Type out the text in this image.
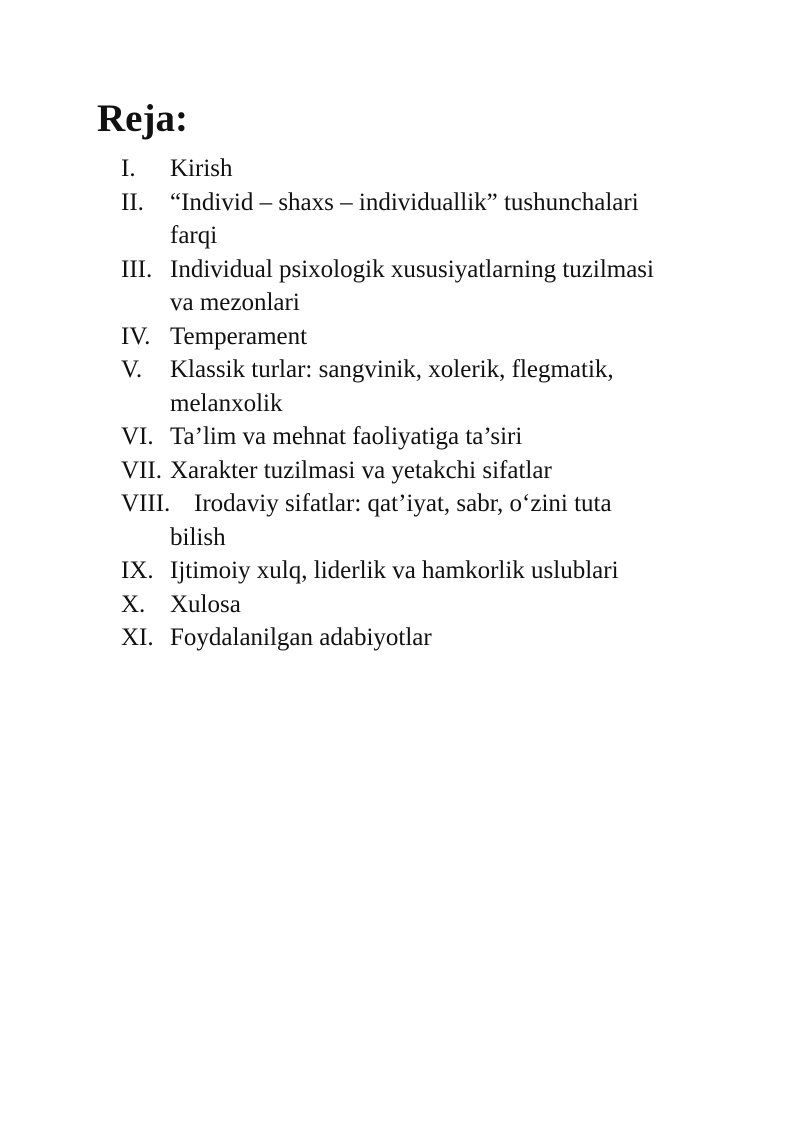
Reja:
I. Kirish
II. “Individ – shaxs – individuallik” tushunchalari
farqi
III. Individual psixologik xususiyatlarning tuzilmasi
va mezonlari
IV. Temperament
V. Klassik turlar: sangvinik, xolerik, flegmatik,
melanxolik
VI. Ta’lim va mehnat faoliyatiga ta’siri
VII. Xarakter tuzilmasi va yetakchi sifatlar
VIII. Irodaviy sifatlar: qat’iyat, sabr, o‘zini tuta
bilish
IX. Ijtimoiy xulq, liderlik va hamkorlik uslublari
X. Xulosa
XI. Foydalanilgan adabiyotlar
